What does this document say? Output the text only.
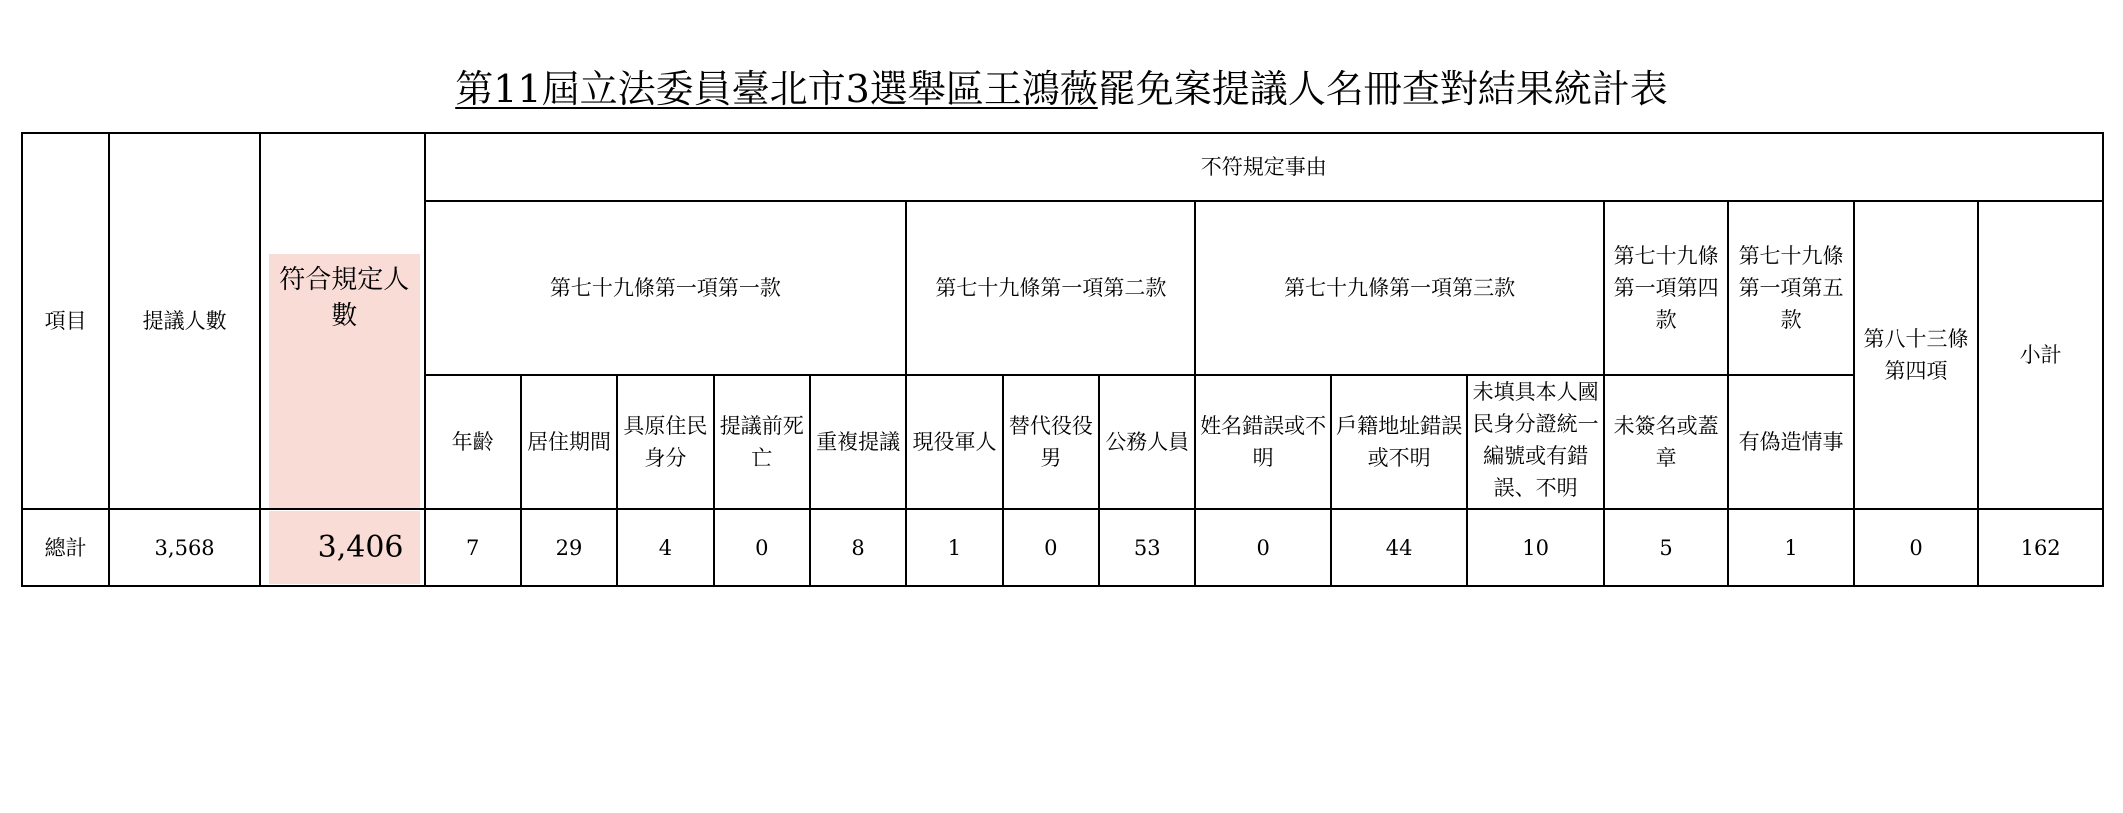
第11屆立法委員臺北市3選舉區王鴻薇罷免案提議人名冊查對結果統計表
項目	提議人數	符合規定人數	不符規定事由														
			第七十九條第一項第一款					第七十九條第一項第二款			第七十九條第一項第三款			第七十九條第一項第四款	第七十九條第一項第五款	第八十三條第四項	小計
			年齡	居住期間	具原住民身分	提議前死亡	重複提議	現役軍人	替代役役男	公務人員	姓名錯誤或不明	戶籍地址錯誤或不明	未填具本人國民身分證統一編號或有錯誤、不明	未簽名或蓋章	有偽造情事		
總計	3,568	3,406	7	29	4	0	8	1	0	53	0	44	10	5	1	0	162
